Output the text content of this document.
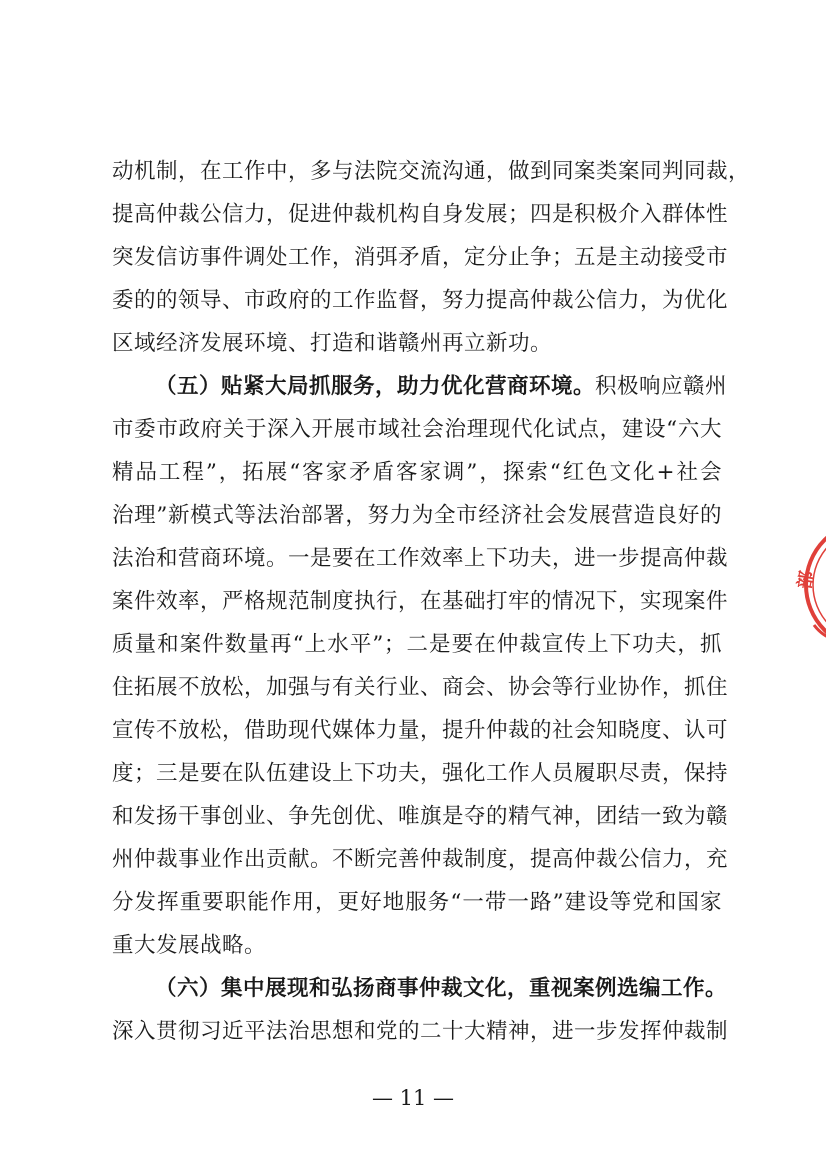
动机制，在工作中，多与法院交流沟通，做到同案类案同判同裁，
提高仲裁公信力，促进仲裁机构自身发展；四是积极介入群体性
突发信访事件调处工作，消弭矛盾，定分止争；五是主动接受市
委的的领导、市政府的工作监督，努力提高仲裁公信力，为优化
区域经济发展环境、打造和谐赣州再立新功。
（五）贴紧大局抓服务，助力优化营商环境。积极响应赣州
市委市政府关于深入开展市域社会治理现代化试点，建设“六大
精品工程”，拓展“客家矛盾客家调”，探索“红色文化+社会
治理”新模式等法治部署，努力为全市经济社会发展营造良好的
法治和营商环境。一是要在工作效率上下功夫，进一步提高仲裁
案件效率，严格规范制度执行，在基础打牢的情况下，实现案件
质量和案件数量再“上水平”；二是要在仲裁宣传上下功夫，抓
住拓展不放松，加强与有关行业、商会、协会等行业协作，抓住
宣传不放松，借助现代媒体力量，提升仲裁的社会知晓度、认可
度；三是要在队伍建设上下功夫，强化工作人员履职尽责，保持
和发扬干事创业、争先创优、唯旗是夺的精气神，团结一致为赣
州仲裁事业作出贡献。不断完善仲裁制度，提高仲裁公信力，充
分发挥重要职能作用，更好地服务“一带一路”建设等党和国家
重大发展战略。
（六）集中展现和弘扬商事仲裁文化，重视案例选编工作。
深入贯彻习近平法治思想和党的二十大精神，进一步发挥仲裁制
部
— 11 —
